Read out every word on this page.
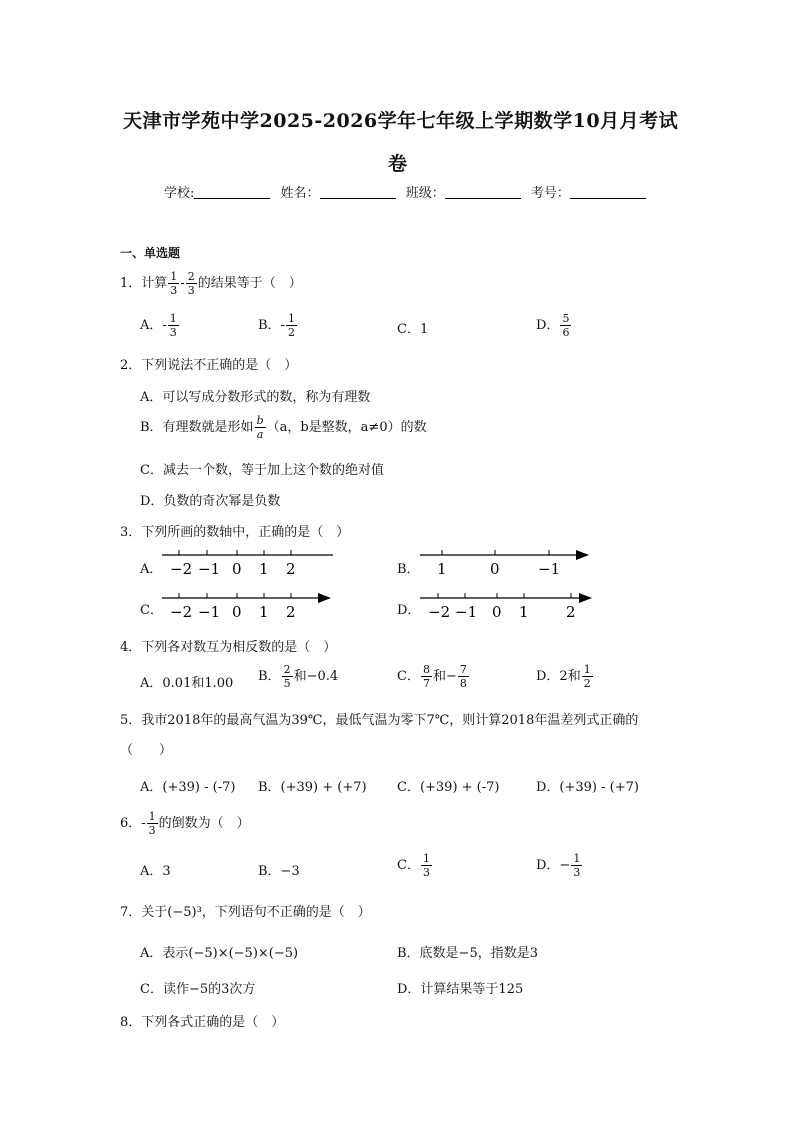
天津市学苑中学2025-2026学年七年级上学期数学10月月考试
卷
学校:	姓名：	班级：	考号：
一、单选题
1．计算 $\frac{1}{3} - \frac{2}{3}$ 的结果等于（　）
A．- $\frac{1}{3}$	B．- $\frac{1}{2}$	C．1	D． $\frac{5}{6}$
2．下列说法不正确的是（　）
A．可以写成分数形式的数，称为有理数
B．有理数就是形如 $\frac{b}{a} (a$，b是整数，a≠0）的数
C．减去一个数，等于加上这个数的绝对值
D．负数的奇次幂是负数
3．下列所画的数轴中，正确的是（　）
A． −2 −1 0 1 2	B． 1	0	−1
C． −2 −1 0 1 2	D． −2 −1 0 1 2
4．下列各对数互为相反数的是（　）
A．0.01和1.00 B． $\frac{2}{5}$ 和−0.4	C． $\frac{8}{7}$ 和− $\frac{7}{8}$	D．2和 $\frac{1}{2}$
5．我市2018年的最高气温为39℃，最低气温为零下7℃，则计算2018年温差列式正确的
（　　）
A．(+39) - (-7) B．(+39) + (+7) C．(+39) + (-7)	D．(+39) - (+7)
6．- $\frac{1}{3}$ 的倒数为（　）
A．3	B．−3	C． $\frac{1}{3}$	D．− $\frac{1}{3}$
7．关于(−5)³，下列语句不正确的是（　）
A．表示(−5)×(−5)×(−5)	B．底数是−5，指数是3
C．读作−5的3次方	D．计算结果等于125
8．下列各式正确的是（　）
